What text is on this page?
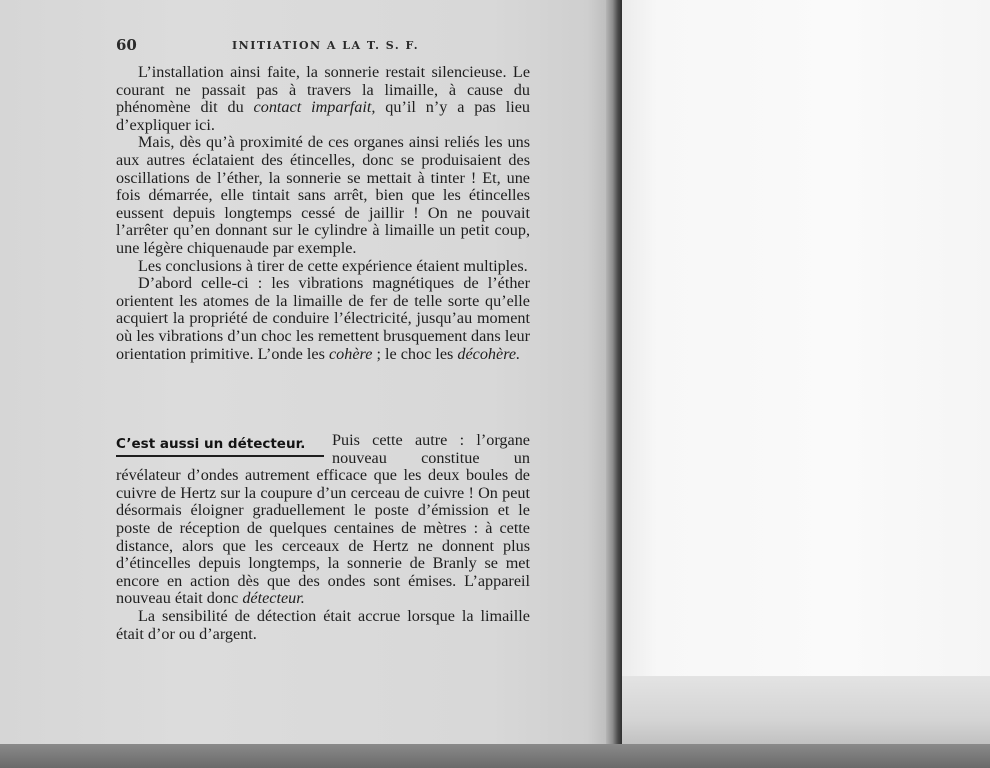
60	INITIATION A LA T. S. F.

L’installation ainsi faite, la sonnerie restait silencieuse. Le courant ne passait pas à travers la limaille, à cause du phénomène dit du contact imparfait, qu’il n’y a pas lieu d’expliquer ici.

Mais, dès qu’à proximité de ces organes ainsi reliés les uns aux autres éclataient des étincelles, donc se produisaient des oscillations de l’éther, la sonnerie se mettait à tinter ! Et, une fois démarrée, elle tintait sans arrêt, bien que les étincelles eussent depuis longtemps cessé de jaillir ! On ne pouvait l’arrêter qu’en donnant sur le cylindre à limaille un petit coup, une légère chiquenaude par exemple.

Les conclusions à tirer de cette expérience étaient multiples.

D’abord celle-ci : les vibrations magnétiques de l’éther orientent les atomes de la limaille de fer de telle sorte qu’elle acquiert la propriété de conduire l’électricité, jusqu’au moment où les vibrations d’un choc les remettent brusquement dans leur orientation primitive. L’onde les cohère ; le choc les décohère.

C’est aussi un détecteur.	Puis cette autre : l’organe nouveau constitue un révélateur d’ondes autrement efficace que les deux boules de cuivre de Hertz sur la coupure d’un cerceau de cuivre ! On peut désormais éloigner graduellement le poste d’émission et le poste de réception de quelques centaines de mètres : à cette distance, alors que les cerceaux de Hertz ne donnent plus d’étincelles depuis longtemps, la sonnerie de Branly se met encore en action dès que des ondes sont émises. L’appareil nouveau était donc détecteur.

La sensibilité de détection était accrue lorsque la limaille était d’or ou d’argent.
